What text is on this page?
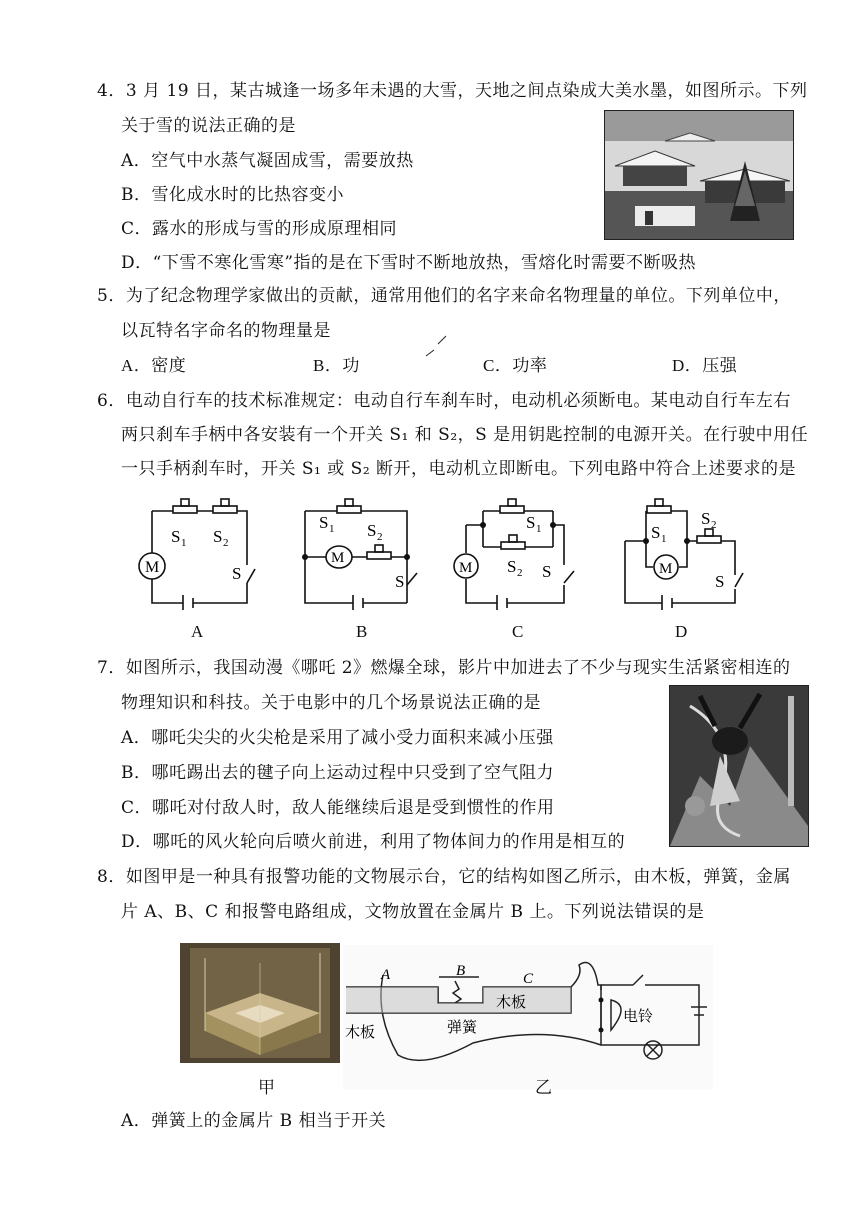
4．3 月 19 日，某古城逢一场多年未遇的大雪，天地之间点染成大美水墨，如图所示。下列
关于雪的说法正确的是
A．空气中水蒸气凝固成雪，需要放热
B．雪化成水时的比热容变小
C．露水的形成与雪的形成原理相同
D．“下雪不寒化雪寒”指的是在下雪时不断地放热，雪熔化时需要不断吸热
5．为了纪念物理学家做出的贡献，通常用他们的名字来命名物理量的单位。下列单位中，
以瓦特名字命名的物理量是
A．密度	B．功	C．功率	D．压强
6．电动自行车的技术标准规定：电动自行车刹车时，电动机必须断电。某电动自行车左右
两只刹车手柄中各安装有一个开关 S₁ 和 S₂，S 是用钥匙控制的电源开关。在行驶中用任
一只手柄刹车时，开关 S₁ 或 S₂ 断开，电动机立即断电。下列电路中符合上述要求的是
M
S 1 S 2
S
M
S 1 S 2
S
M
S 1
S 2 S	M
S 1
S 2
S
A	B	C	D
7．如图所示，我国动漫《哪吒 2》燃爆全球，影片中加进去了不少与现实生活紧密相连的
物理知识和科技。关于电影中的几个场景说法正确的是
A．哪吒尖尖的火尖枪是采用了减小受力面积来减小压强
B．哪吒踢出去的毽子向上运动过程中只受到了空气阻力
C．哪吒对付敌人时，敌人能继续后退是受到惯性的作用
D．哪吒的风火轮向后喷火前进，利用了物体间力的作用是相互的
8．如图甲是一种具有报警功能的文物展示台，它的结构如图乙所示，由木板，弹簧，金属
片 A、B、C 和报警电路组成，文物放置在金属片 B 上。下列说法错误的是
A	B	C
木板
木板	弹簧
电铃
甲	乙
A．弹簧上的金属片 B 相当于开关
